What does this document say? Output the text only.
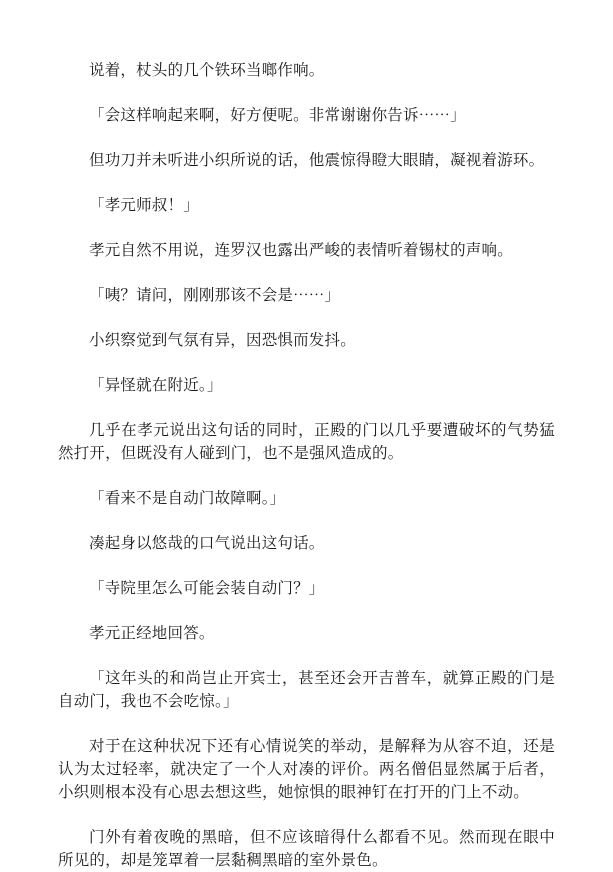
说着，杖头的几个铁环当啷作响。

「会这样响起来啊，好方便呢。非常谢谢你告诉⋯⋯」

但功刀并未听进小织所说的话，他震惊得瞪大眼睛，凝视着游环。

「孝元师叔！」

孝元自然不用说，连罗汉也露出严峻的表情听着锡杖的声响。

「咦？请问，刚刚那该不会是⋯⋯」

小织察觉到气氛有异，因恐惧而发抖。

「异怪就在附近。」

几乎在孝元说出这句话的同时，正殿的门以几乎要遭破坏的气势猛然打开，但既没有人碰到门，也不是强风造成的。

「看来不是自动门故障啊。」

凑起身以悠哉的口气说出这句话。

「寺院里怎么可能会装自动门？」

孝元正经地回答。

「这年头的和尚岂止开宾士，甚至还会开吉普车，就算正殿的门是自动门，我也不会吃惊。」

对于在这种状况下还有心情说笑的举动，是解释为从容不迫，还是认为太过轻率，就决定了一个人对凑的评价。两名僧侣显然属于后者，小织则根本没有心思去想这些，她惊惧的眼神钉在打开的门上不动。

门外有着夜晚的黑暗，但不应该暗得什么都看不见。然而现在眼中所见的，却是笼罩着一层黏稠黑暗的室外景色。
